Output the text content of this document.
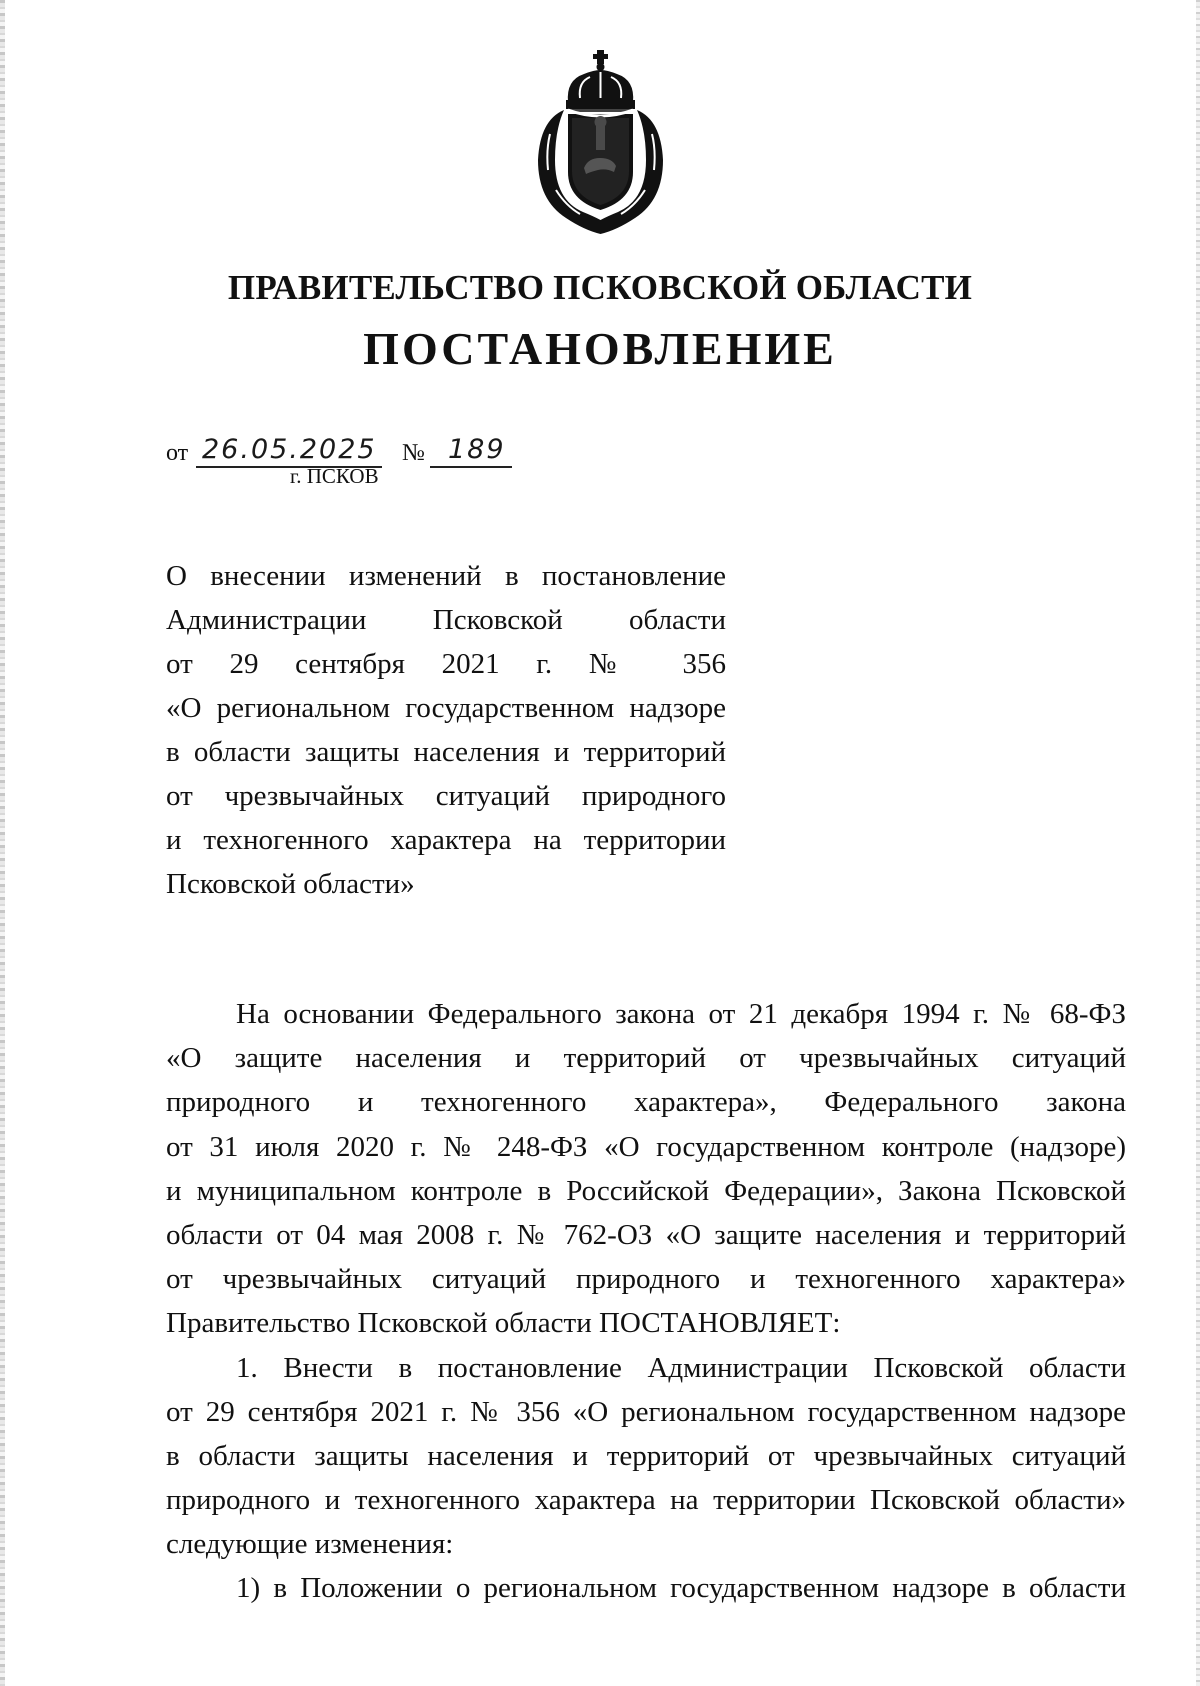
ПРАВИТЕЛЬСТВО ПСКОВСКОЙ ОБЛАСТИ
ПОСТАНОВЛЕНИЕ
от 26.05.2025 № 189
г. ПСКОВ
О внесении изменений в постановление
Администрации Псковской области
от 29 сентября 2021 г. № 356
«О региональном государственном надзоре
в области защиты населения и территорий
от чрезвычайных ситуаций природного
и техногенного характера на территории
Псковской области»
На основании Федерального закона от 21 декабря 1994 г. № 68-ФЗ
«О защите населения и территорий от чрезвычайных ситуаций
природного и техногенного характера», Федерального закона
от 31 июля 2020 г. № 248-ФЗ «О государственном контроле (надзоре)
и муниципальном контроле в Российской Федерации», Закона Псковской
области от 04 мая 2008 г. № 762-ОЗ «О защите населения и территорий
от чрезвычайных ситуаций природного и техногенного характера»
Правительство Псковской области ПОСТАНОВЛЯЕТ:
1. Внести в постановление Администрации Псковской области
от 29 сентября 2021 г. № 356 «О региональном государственном надзоре
в области защиты населения и территорий от чрезвычайных ситуаций
природного и техногенного характера на территории Псковской области»
следующие изменения:
1) в Положении о региональном государственном надзоре в области
